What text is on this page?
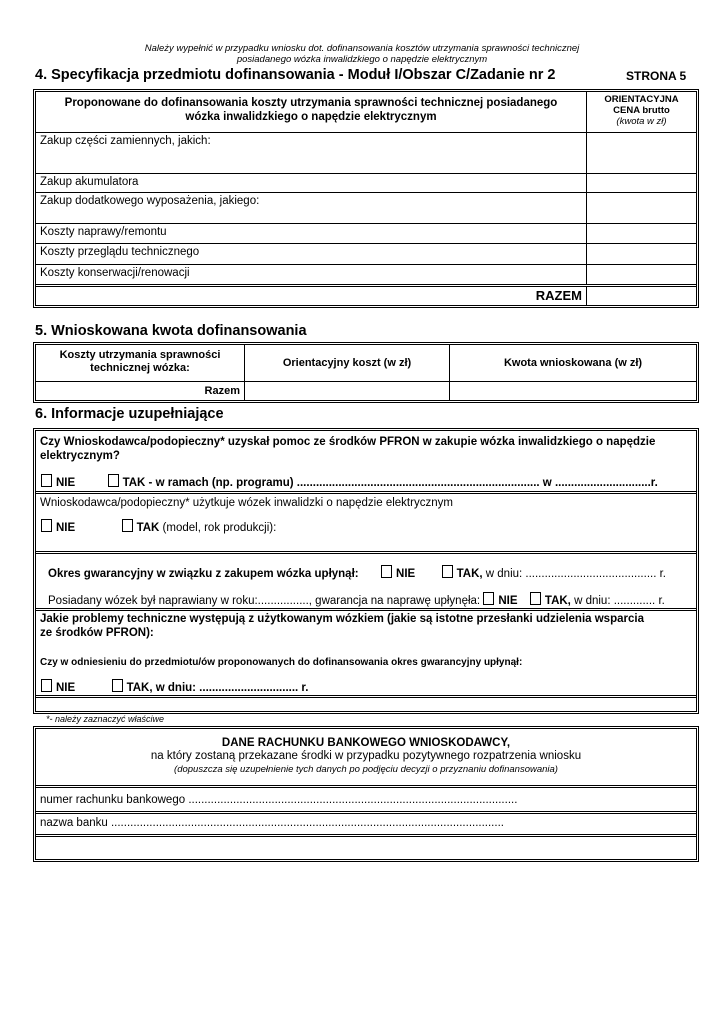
Należy wypełnić w przypadku wniosku dot. dofinansowania kosztów utrzymania sprawności technicznej
posiadanego wózka inwalidzkiego o napędzie elektrycznym
4. Specyfikacja przedmiotu dofinansowania - Moduł I/Obszar C/Zadanie nr 2	STRONA 5
Proponowane do dofinansowania koszty utrzymania sprawności technicznej posiadanego
wózka inwalidzkiego o napędzie elektrycznym
ORIENTACYJNA
CENA brutto
(kwota w zł)
Zakup części zamiennych, jakich:
Zakup akumulatora
Zakup dodatkowego wyposażenia, jakiego:
Koszty naprawy/remontu
Koszty przeglądu technicznego
Koszty konserwacji/renowacji
RAZEM
5. Wnioskowana kwota dofinansowania
Koszty utrzymania sprawności
technicznej wózka:	Orientacyjny koszt (w zł)	Kwota wnioskowana (w zł)
Razem
6. Informacje uzupełniające
Czy Wnioskodawca/podopieczny* uzyskał pomoc ze środków PFRON w zakupie wózka inwalidzkiego o napędzie
elektrycznym?
NIE	TAK - w ramach (np. programu) ............................................................................ w ..............................r.
Wnioskodawca/podopieczny* użytkuje wózek inwalidzki o napędzie elektrycznym
NIE	TAK (model, rok produkcji):
Okres gwarancyjny w związku z zakupem wózka upłynął:	NIE	TAK, w dniu: ......................................... r.
Posiadany wózek był naprawiany w roku:................, gwarancja na naprawę upłynęła: NIE TAK, w dniu: ............. r.
Jakie problemy techniczne występują z użytkowanym wózkiem (jakie są istotne przesłanki udzielenia wsparcia
ze środków PFRON):
Czy w odniesieniu do przedmiotu/ów proponowanych do dofinansowania okres gwarancyjny upłynął:
NIE	TAK, w dniu: ............................... r.
*- należy zaznaczyć właściwe
DANE RACHUNKU BANKOWEGO WNIOSKODAWCY,
na który zostaną przekazane środki w przypadku pozytywnego rozpatrzenia wniosku
(dopuszcza się uzupełnienie tych danych po podjęciu decyzji o przyznaniu dofinansowania)
numer rachunku bankowego .......................................................................................................
nazwa banku ...........................................................................................................................
